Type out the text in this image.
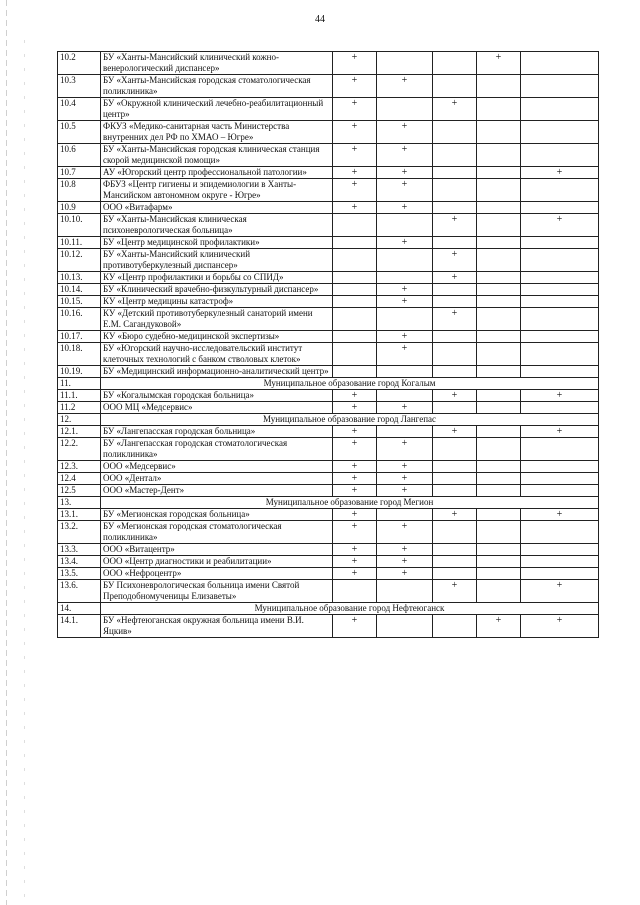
44
10.2	БУ «Ханты-Мансийский клинический кожно-венерологический диспансер»	+			+	
10.3	БУ «Ханты-Мансийская городская стоматологическая поликлиника»	+	+			
10.4	БУ «Окружной клинический лечебно-реабилитационный центр»	+		+		
10.5	ФКУЗ «Медико-санитарная часть Министерства внутренних дел РФ по ХМАО – Югре»	+	+			
10.6	БУ «Ханты-Мансийская городская клиническая станция скорой медицинской помощи»	+	+			
10.7	АУ «Югорский центр профессиональной патологии»	+	+			+
10.8	ФБУЗ «Центр гигиены и эпидемиологии в Ханты-Мансийском автономном округе - Югре»	+	+			
10.9	ООО «Витафарм»	+	+			
10.10.	БУ «Ханты-Мансийская клиническая психоневрологическая больница»			+		+
10.11.	БУ «Центр медицинской профилактики»		+			
10.12.	БУ «Ханты-Мансийский клинический противотуберкулезный диспансер»			+		
10.13.	КУ «Центр профилактики и борьбы со СПИД»			+		
10.14.	БУ «Клинический врачебно-физкультурный диспансер»		+			
10.15.	КУ «Центр медицины катастроф»		+			
10.16.	КУ «Детский противотуберкулезный санаторий имени Е.М. Сагандуковой»			+		
10.17.	КУ «Бюро судебно-медицинской экспертизы»		+			
10.18.	БУ «Югорский научно-исследовательский институт клеточных технологий с банком стволовых клеток»		+			
10.19.	БУ «Медицинский информационно-аналитический центр»					
11.	Муниципальное образование город Когалым					
11.1.	БУ «Когалымская городская больница»	+		+		+
11.2	ООО МЦ «Медсервис»	+	+			
12.	Муниципальное образование город Лангепас					
12.1.	БУ «Лангепасская городская больница»	+		+		+
12.2.	БУ «Лангепасская городская стоматологическая поликлиника»	+	+			
12.3.	ООО «Медсервис»	+	+			
12.4	ООО «Дентал»	+	+			
12.5	ООО «Мастер-Дент»	+	+			
13.	Муниципальное образование город Мегион					
13.1.	БУ «Мегионская городская больница»	+		+		+
13.2.	БУ «Мегионская городская стоматологическая поликлиника»	+	+			
13.3.	ООО «Витацентр»	+	+			
13.4.	ООО «Центр диагностики и реабилитации»	+	+			
13.5.	ООО «Нефроцентр»	+	+			
13.6.	БУ Психоневрологическая больница имени Святой Преподобномученицы Елизаветы»			+		+
14.	Муниципальное образование город Нефтеюганск					
14.1.	БУ «Нефтеюганская окружная больница имени В.И. Яцкив»	+			+	+
